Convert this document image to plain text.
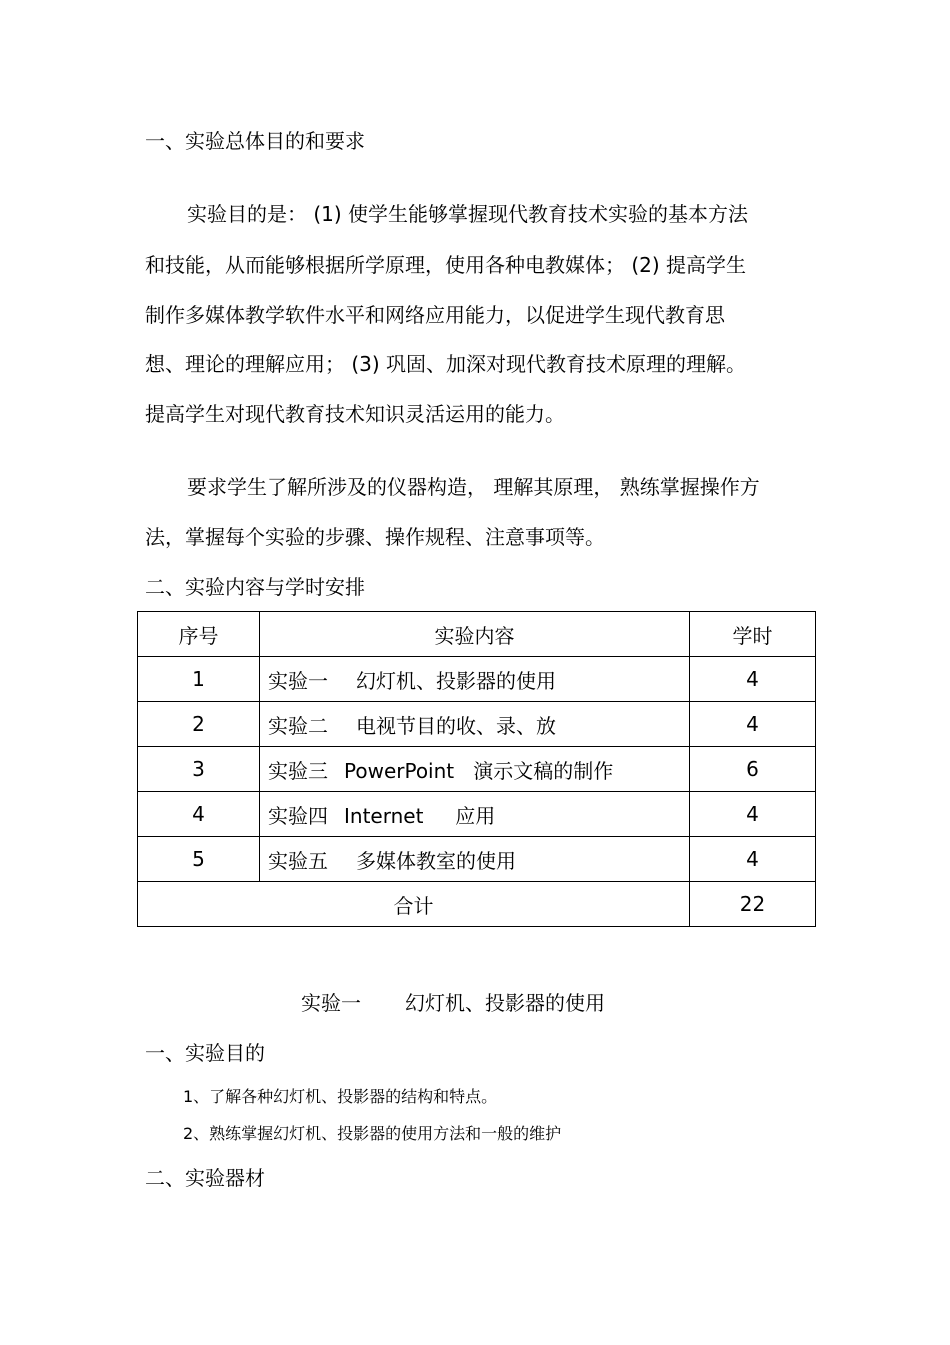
一、实验总体目的和要求
实验目的是： (1) 使学生能够掌握现代教育技术实验的基本方法
和技能，从而能够根据所学原理，使用各种电教媒体； (2) 提高学生
制作多媒体教学软件水平和网络应用能力，以促进学生现代教育思
想、理论的理解应用； (3) 巩固、加深对现代教育技术原理的理解。
提高学生对现代教育技术知识灵活运用的能力。
要求学生了解所涉及的仪器构造， 理解其原理， 熟练掌握操作方
法，掌握每个实验的步骤、操作规程、注意事项等。
二、实验内容与学时安排
序号	实验内容	学时
1	实验一 幻灯机、投影器的使用	4
2	实验二 电视节目的收、录、放	4
3	实验三 PowerPoint   演示文稿的制作	6
4	实验四 Internet     应用	4
5	实验五 多媒体教室的使用	4
合计		22
实验一 幻灯机、投影器的使用
一、实验目的
1、了解各种幻灯机、投影器的结构和特点。
2、熟练掌握幻灯机、投影器的使用方法和一般的维护
二、实验器材
